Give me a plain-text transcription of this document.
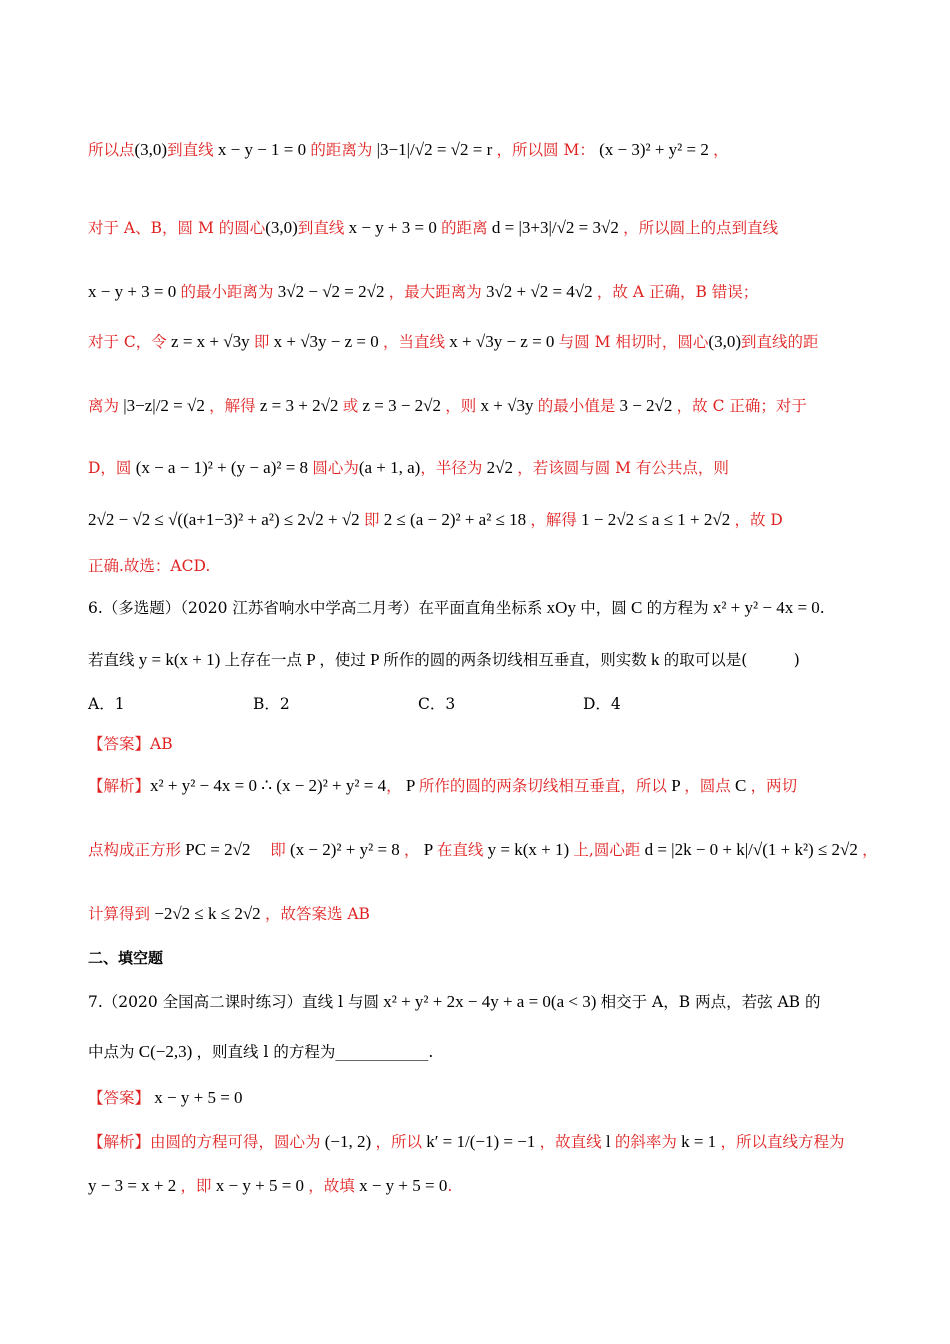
所以点(3,0)到直线 x − y − 1 = 0 的距离为 |3−1|/√2 = √2 = r ，所以圆 M： (x − 3)² + y² = 2 ，
对于 A、B，圆 M 的圆心(3,0)到直线 x − y + 3 = 0 的距离 d = |3+3|/√2 = 3√2 ，所以圆上的点到直线
x − y + 3 = 0 的最小距离为 3√2 − √2 = 2√2 ，最大距离为 3√2 + √2 = 4√2 ，故 A 正确，B 错误；
对于 C，令 z = x + √3y 即 x + √3y − z = 0 ，当直线 x + √3y − z = 0 与圆 M 相切时，圆心(3,0)到直线的距
离为 |3−z|/2 = √2 ，解得 z = 3 + 2√2 或 z = 3 − 2√2 ，则 x + √3y 的最小值是 3 − 2√2 ，故 C 正确；对于
D，圆 (x − a − 1)² + (y − a)² = 8 圆心为(a + 1, a)，半径为 2√2 ，若该圆与圆 M 有公共点，则
2√2 − √2 ≤ √((a+1−3)² + a²) ≤ 2√2 + √2 即 2 ≤ (a − 2)² + a² ≤ 18 ，解得 1 − 2√2 ≤ a ≤ 1 + 2√2 ，故 D
正确.故选：ACD.
6.（多选题）（2020 江苏省响水中学高二月考）在平面直角坐标系 xOy 中，圆 C 的方程为 x² + y² − 4x = 0.
若直线 y = k(x + 1) 上存在一点 P ，使过 P 所作的圆的两条切线相互垂直，则实数 k 的取可以是(　　　)
【答案】AB
【解析】x² + y² − 4x = 0 ∴ (x − 2)² + y² = 4， P 所作的圆的两条切线相互垂直，所以 P ，圆点 C ，两切
点构成正方形 PC = 2√2 　即 (x − 2)² + y² = 8 ， P 在直线 y = k(x + 1) 上,圆心距 d = |2k − 0 + k|/√(1 + k²) ≤ 2√2 ，
计算得到 −2√2 ≤ k ≤ 2√2 ，故答案选 AB
二、填空题
7.（2020 全国高二课时练习）直线 l 与圆 x² + y² + 2x − 4y + a = 0(a < 3) 相交于 A，B 两点，若弦 AB 的
中点为 C(−2,3) ，则直线 l 的方程为____________.
【答案】 x − y + 5 = 0
【解析】由圆的方程可得，圆心为 (−1, 2) ，所以 k′ = 1/(−1) = −1 ，故直线 l 的斜率为 k = 1 ，所以直线方程为
y − 3 = x + 2 ，即 x − y + 5 = 0 ，故填 x − y + 5 = 0.
A．1	B．2	C．3	D．4
